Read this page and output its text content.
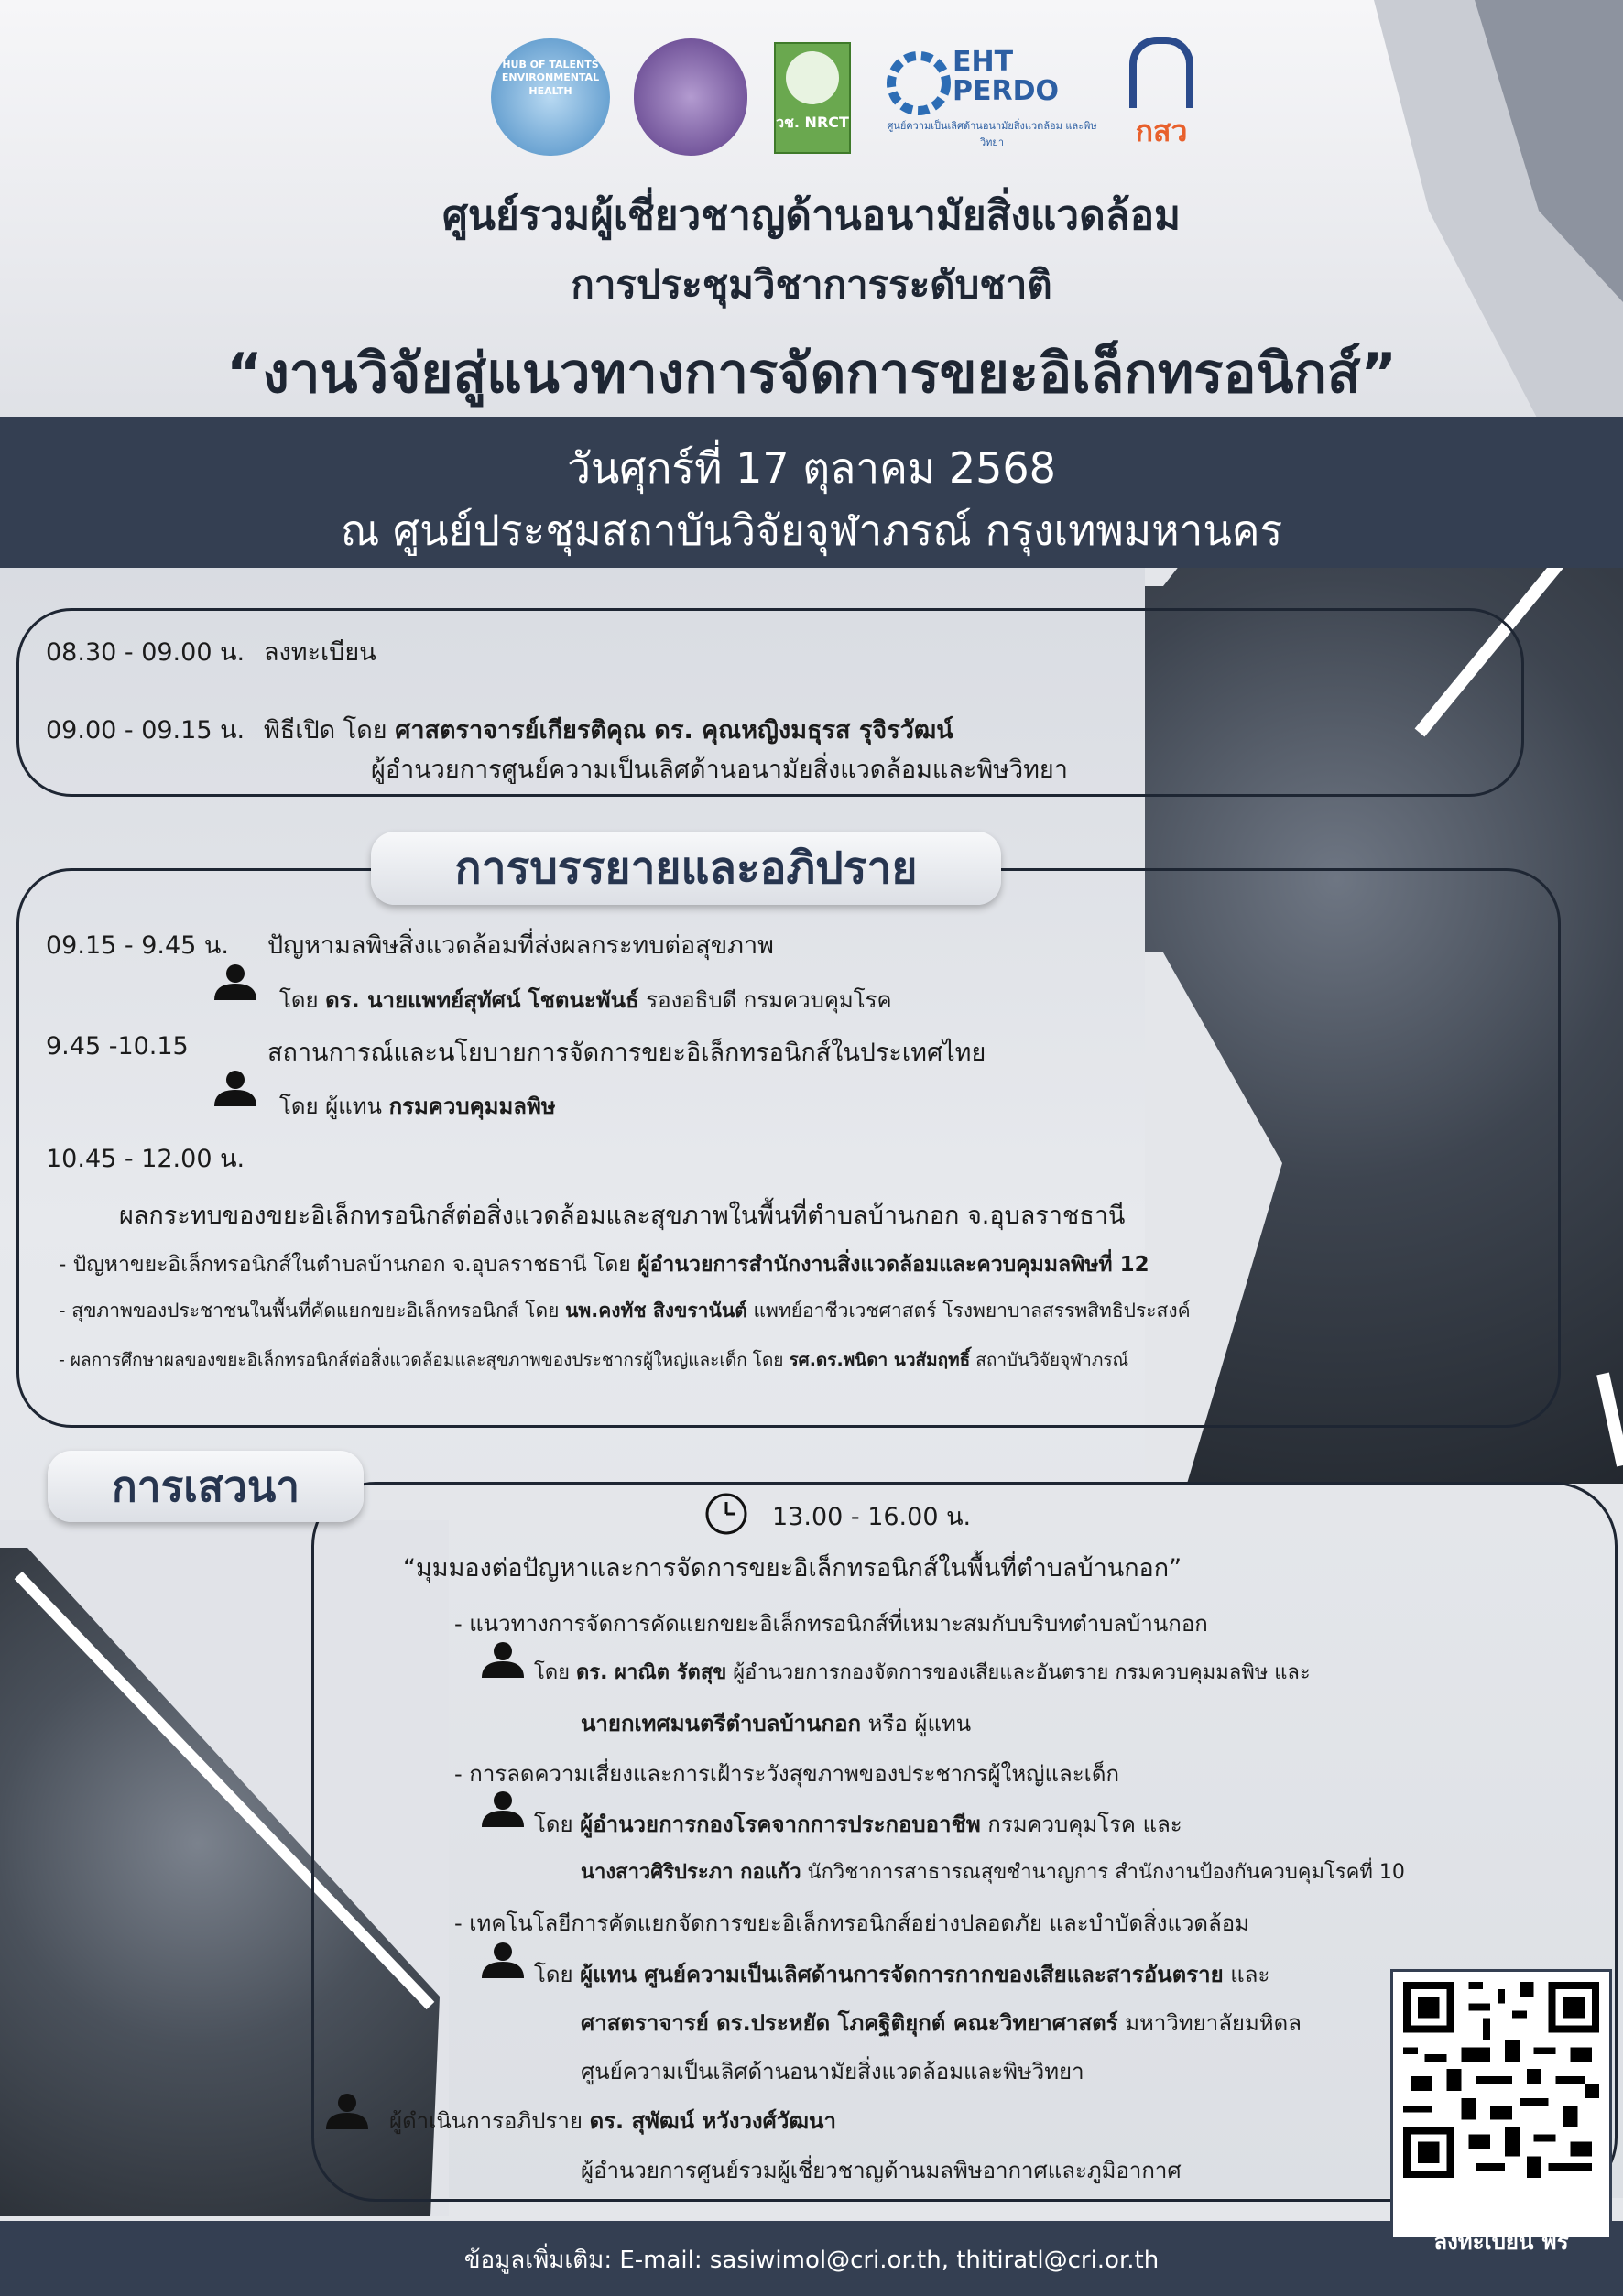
HUB OF TALENTS ENVIRONMENTAL HEALTH
วช. NRCT
EHT PERDO
ศูนย์ความเป็นเลิศด้านอนามัยสิ่งแวดล้อม และพิษวิทยา	กสว
ศูนย์รวมผู้เชี่ยวชาญด้านอนามัยสิ่งแวดล้อม
การประชุมวิชาการระดับชาติ
“งานวิจัยสู่แนวทางการจัดการขยะอิเล็กทรอนิกส์”
วันศุกร์ที่ 17 ตุลาคม 2568
ณ ศูนย์ประชุมสถาบันวิจัยจุฬาภรณ์ กรุงเทพมหานคร
08.30 - 09.00 น. ลงทะเบียน
09.00 - 09.15 น. พิธีเปิด โดย ศาสตราจารย์เกียรติคุณ ดร. คุณหญิงมธุรส รุจิรวัฒน์
ผู้อำนวยการศูนย์ความเป็นเลิศด้านอนามัยสิ่งแวดล้อมและพิษวิทยา
การบรรยายและอภิปราย
09.15 - 9.45 น. ปัญหามลพิษสิ่งแวดล้อมที่ส่งผลกระทบต่อสุขภาพ
โดย ดร. นายแพทย์สุทัศน์ โชตนะพันธ์ รองอธิบดี กรมควบคุมโรค
9.45 -10.15	สถานการณ์และนโยบายการจัดการขยะอิเล็กทรอนิกส์ในประเทศไทย
โดย ผู้แทน กรมควบคุมมลพิษ
10.45 - 12.00 น.
ผลกระทบของขยะอิเล็กทรอนิกส์ต่อสิ่งแวดล้อมและสุขภาพในพื้นที่ตำบลบ้านกอก จ.อุบลราชธานี
- ปัญหาขยะอิเล็กทรอนิกส์ในตำบลบ้านกอก จ.อุบลราชธานี โดย ผู้อำนวยการสำนักงานสิ่งแวดล้อมและควบคุมมลพิษที่ 12
- สุขภาพของประชาชนในพื้นที่คัดแยกขยะอิเล็กทรอนิกส์ โดย นพ.คงทัช สิงขรานันต์ แพทย์อาชีวเวชศาสตร์ โรงพยาบาลสรรพสิทธิประสงค์
- ผลการศึกษาผลของขยะอิเล็กทรอนิกส์ต่อสิ่งแวดล้อมและสุขภาพของประชากรผู้ใหญ่และเด็ก โดย รศ.ดร.พนิดา นวสัมฤทธิ์ สถาบันวิจัยจุฬาภรณ์
การเสวนา
13.00 - 16.00 น.
“มุมมองต่อปัญหาและการจัดการขยะอิเล็กทรอนิกส์ในพื้นที่ตำบลบ้านกอก”
- แนวทางการจัดการคัดแยกขยะอิเล็กทรอนิกส์ที่เหมาะสมกับบริบทตำบลบ้านกอก
โดย ดร. ผาณิต รัตสุข ผู้อำนวยการกองจัดการของเสียและอันตราย กรมควบคุมมลพิษ และ
นายกเทศมนตรีตำบลบ้านกอก หรือ ผู้แทน
- การลดความเสี่ยงและการเฝ้าระวังสุขภาพของประชากรผู้ใหญ่และเด็ก
โดย ผู้อำนวยการกองโรคจากการประกอบอาชีพ กรมควบคุมโรค และ
นางสาวศิริประภา กอแก้ว นักวิชาการสาธารณสุขชำนาญการ สำนักงานป้องกันควบคุมโรคที่ 10
- เทคโนโลยีการคัดแยกจัดการขยะอิเล็กทรอนิกส์อย่างปลอดภัย และบำบัดสิ่งแวดล้อม
โดย ผู้แทน ศูนย์ความเป็นเลิศด้านการจัดการกากของเสียและสารอันตราย และ
ศาสตราจารย์ ดร.ประหยัด โภคฐิติยุกต์ คณะวิทยาศาสตร์ มหาวิทยาลัยมหิดล
ศูนย์ความเป็นเลิศด้านอนามัยสิ่งแวดล้อมและพิษวิทยา
ผู้ดำเนินการอภิปราย ดร. สุพัฒน์ หวังวงศ์วัฒนา
ผู้อำนวยการศูนย์รวมผู้เชี่ยวชาญด้านมลพิษอากาศและภูมิอากาศ
ข้อมูลเพิ่มเติม: E-mail: sasiwimol@cri.or.th, thitiratl@cri.or.th
ลงทะเบียน ฟรี
